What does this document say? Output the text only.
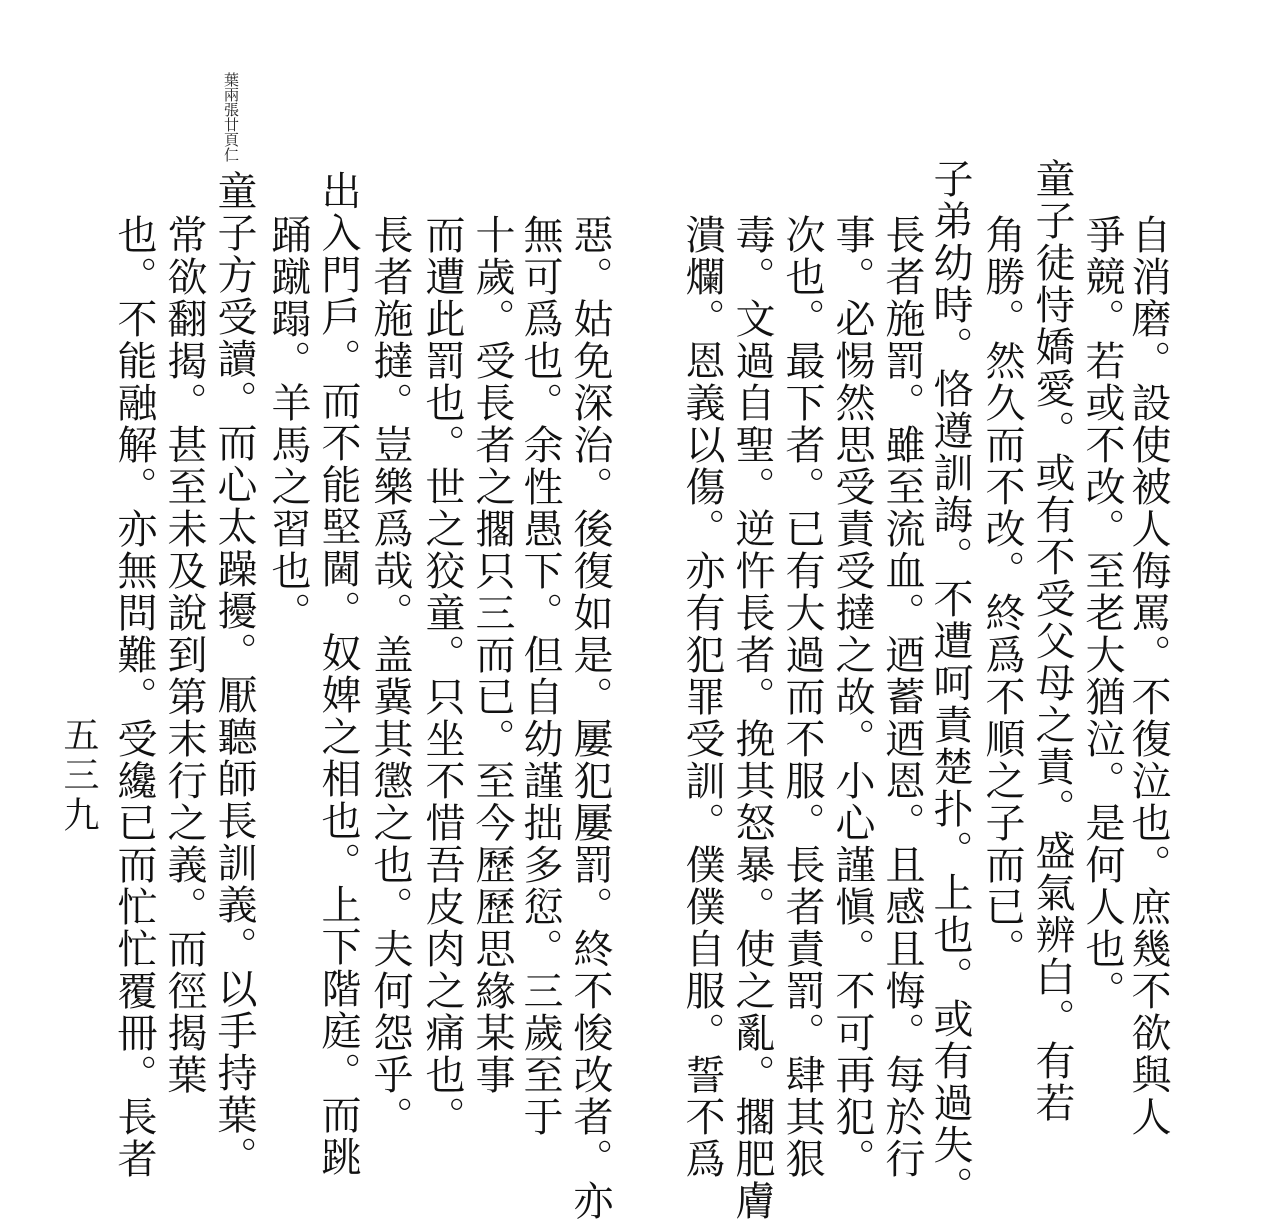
自消磨。設使被人侮罵。不復泣也。庶幾不欲與人
爭競。若或不改。至老大猶泣。是何人也。
童子徒恃嬌愛。或有不受父母之責。盛氣辨白。有若
角勝。然久而不改。終爲不順之子而已。
子弟幼時。恪遵訓誨。不遭呵責楚扑。上也。或有過失。
長者施罰。雖至流血。迺蓄迺恩。且感且悔。每於行
事。必惕然思受責受撻之故。小心謹愼。不可再犯。
次也。最下者。已有大過而不服。長者責罰。肆其狠
毒。文過自聖。逆忤長者。挽其怒暴。使之亂。擱肥膚
潰爛。恩義以傷。亦有犯罪受訓。僕僕自服。誓不爲
惡。姑免深治。後復如是。屢犯屢罰。終不悛改者。亦
無可爲也。余性愚下。但自幼謹拙多愆。三歲至于
十歲。受長者之擱只三而已。至今歷歷思緣某事
而遭此罰也。世之狡童。只坐不惜吾皮肉之痛也。
長者施撻。豈樂爲哉。盖冀其懲之也。夫何怨乎。
出入門戶。而不能堅閫。奴婢之相也。上下階庭。而跳
踊蹴蹋。羊馬之習也。
童子方受讀。而心太躁擾。厭聽師長訓義。以手持葉。
常欲翻揭。甚至未及說到第末行之義。而徑揭葉
也。不能融解。亦無問難。受纔已而忙忙覆冊。長者
葉兩張廿頁仁
五三九
